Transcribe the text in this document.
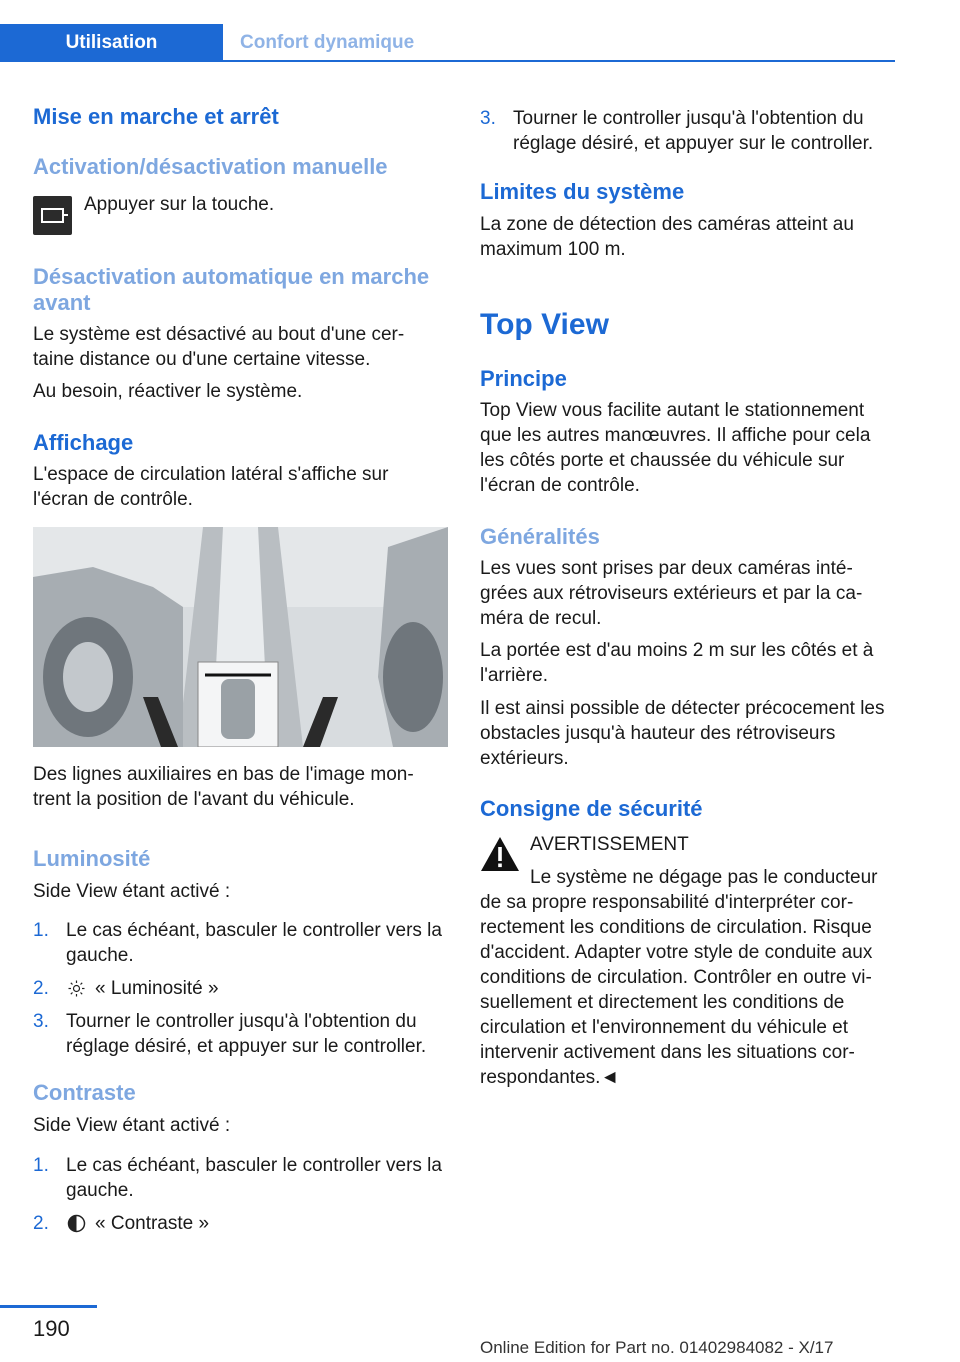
Utilisation	Confort dynamique
Mise en marche et arrêt
Activation/désactivation manuelle

Appuyer sur la touche.

Désactivation automatique en marche avant

Le système est désactivé au bout d'une cer-taine distance ou d'une certaine vitesse.

Au besoin, réactiver le système.

Affichage

L'espace de circulation latéral s'affiche sur l'écran de contrôle.

Des lignes auxiliaires en bas de l'image mon-trent la position de l'avant du véhicule.

Luminosité

Side View étant activé :

1. Le cas échéant, basculer le controller vers la gauche.
2. « Luminosité »
3. Tourner le controller jusqu'à l'obtention du réglage désiré, et appuyer sur le controller.
Contraste

Side View étant activé :

1. Le cas échéant, basculer le controller vers la gauche.
2. « Contraste »
3. Tourner le controller jusqu'à l'obtention du réglage désiré, et appuyer sur le controller.
Limites du système

La zone de détection des caméras atteint au maximum 100 m.

Top View
Principe

Top View vous facilite autant le stationnement que les autres manœuvres. Il affiche pour cela les côtés porte et chaussée du véhicule sur l'écran de contrôle.

Généralités

Les vues sont prises par deux caméras inté-grées aux rétroviseurs extérieurs et par la ca-méra de recul.

La portée est d'au moins 2 m sur les côtés et à l'arrière.

Il est ainsi possible de détecter précocement les obstacles jusqu'à hauteur des rétroviseurs extérieurs.

Consigne de sécurité

AVERTISSEMENT

Le système ne dégage pas le conducteur de sa propre responsabilité d'interpréter cor-rectement les conditions de circulation. Risque d'accident. Adapter votre style de conduite aux conditions de circulation. Contrôler en outre vi-suellement et directement les conditions de circulation et l'environnement du véhicule et intervenir activement dans les situations cor-respondantes.◄

190
Online Edition for Part no. 01402984082 - X/17
